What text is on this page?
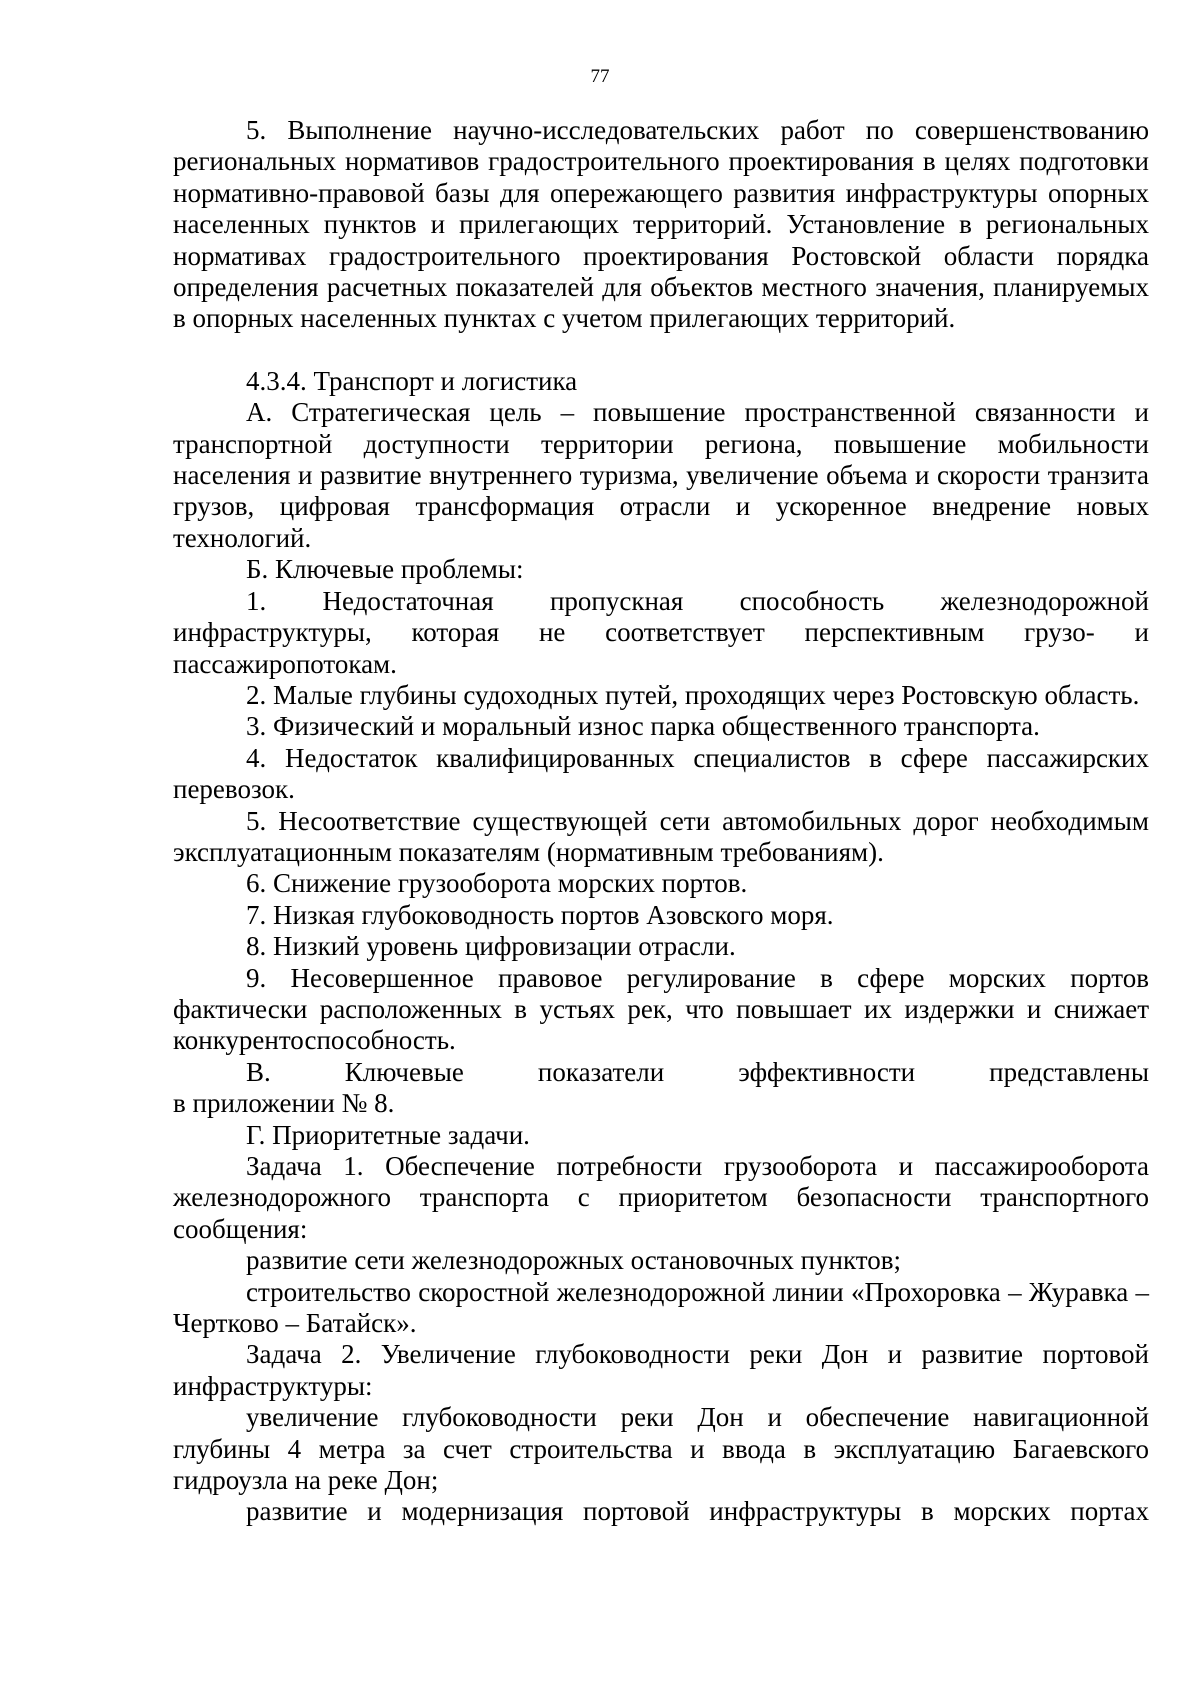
77

5. Выполнение научно-исследовательских работ по совершенствованию региональных нормативов градостроительного проектирования в целях подготовки нормативно-правовой базы для опережающего развития инфраструктуры опорных населенных пунктов и прилегающих территорий. Установление в региональных нормативах градостроительного проектирования Ростовской области порядка определения расчетных показателей для объектов местного значения, планируемых в опорных населенных пунктах с учетом прилегающих территорий.

4.3.4. Транспорт и логистика

А. Стратегическая цель – повышение пространственной связанности и транспортной доступности территории региона, повышение мобильности населения и развитие внутреннего туризма, увеличение объема и скорости транзита грузов, цифровая трансформация отрасли и ускоренное внедрение новых технологий.

Б. Ключевые проблемы:

1. Недостаточная пропускная способность железнодорожной инфраструктуры, которая не соответствует перспективным грузо- и пассажиропотокам.

2. Малые глубины судоходных путей, проходящих через Ростовскую область.

3. Физический и моральный износ парка общественного транспорта.

4. Недостаток квалифицированных специалистов в сфере пассажирских перевозок.

5. Несоответствие существующей сети автомобильных дорог необходимым эксплуатационным показателям (нормативным требованиям).

6. Снижение грузооборота морских портов.

7. Низкая глубоководность портов Азовского моря.

8. Низкий уровень цифровизации отрасли.

9. Несовершенное правовое регулирование в сфере морских портов фактически расположенных в устьях рек, что повышает их издержки и снижает конкурентоспособность.

В. Ключевые показатели эффективности представлены
в приложении № 8.

Г. Приоритетные задачи.

Задача 1. Обеспечение потребности грузооборота и пассажирооборота железнодорожного транспорта с приоритетом безопасности транспортного сообщения:

развитие сети железнодорожных остановочных пунктов;

строительство скоростной железнодорожной линии «Прохоровка – Журавка – Чертково – Батайск».

Задача 2. Увеличение глубоководности реки Дон и развитие портовой инфраструктуры:

увеличение глубоководности реки Дон и обеспечение навигационной глубины 4 метра за счет строительства и ввода в эксплуатацию Багаевского гидроузла на реке Дон;

развитие и модернизация портовой инфраструктуры в морских портах
